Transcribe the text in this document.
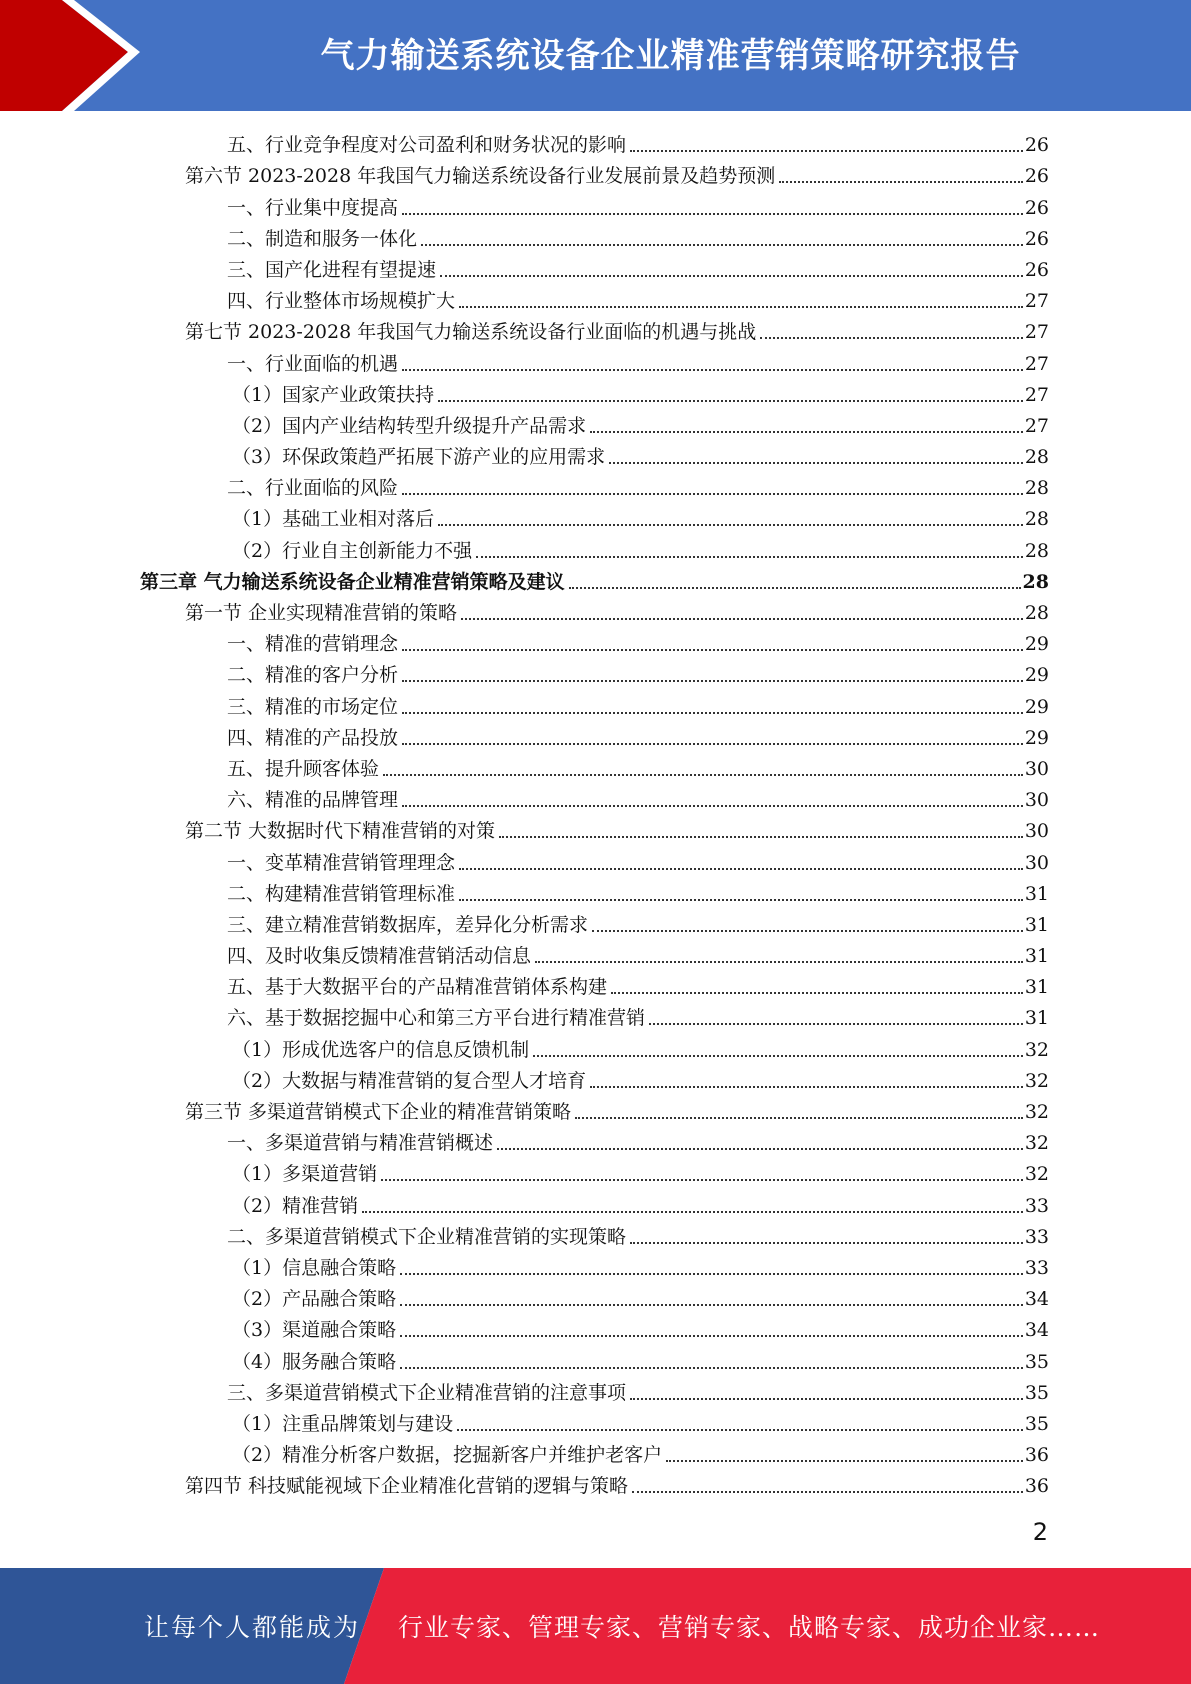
气力输送系统设备企业精准营销策略研究报告
五、行业竞争程度对公司盈利和财务状况的影响	26
第六节 2023-2028 年我国气力输送系统设备行业发展前景及趋势预测	26
一、行业集中度提高	26
二、制造和服务一体化	26
三、国产化进程有望提速	26
四、行业整体市场规模扩大	27
第七节 2023-2028 年我国气力输送系统设备行业面临的机遇与挑战	27
一、行业面临的机遇	27
（1）国家产业政策扶持	27
（2）国内产业结构转型升级提升产品需求	27
（3）环保政策趋严拓展下游产业的应用需求	28
二、行业面临的风险	28
（1）基础工业相对落后	28
（2）行业自主创新能力不强	28
第三章 气力输送系统设备企业精准营销策略及建议	28
第一节 企业实现精准营销的策略	28
一、精准的营销理念	29
二、精准的客户分析	29
三、精准的市场定位	29
四、精准的产品投放	29
五、提升顾客体验	30
六、精准的品牌管理	30
第二节 大数据时代下精准营销的对策	30
一、变革精准营销管理理念	30
二、构建精准营销管理标准	31
三、建立精准营销数据库，差异化分析需求	31
四、及时收集反馈精准营销活动信息	31
五、基于大数据平台的产品精准营销体系构建	31
六、基于数据挖掘中心和第三方平台进行精准营销	31
（1）形成优选客户的信息反馈机制	32
（2）大数据与精准营销的复合型人才培育	32
第三节 多渠道营销模式下企业的精准营销策略	32
一、多渠道营销与精准营销概述	32
（1）多渠道营销	32
（2）精准营销	33
二、多渠道营销模式下企业精准营销的实现策略	33
（1）信息融合策略	33
（2）产品融合策略	34
（3）渠道融合策略	34
（4）服务融合策略	35
三、多渠道营销模式下企业精准营销的注意事项	35
（1）注重品牌策划与建设	35
（2）精准分析客户数据，挖掘新客户并维护老客户	36
第四节 科技赋能视域下企业精准化营销的逻辑与策略	36
2
让每个人都能成为 行业专家、管理专家、营销专家、战略专家、成功企业家……
